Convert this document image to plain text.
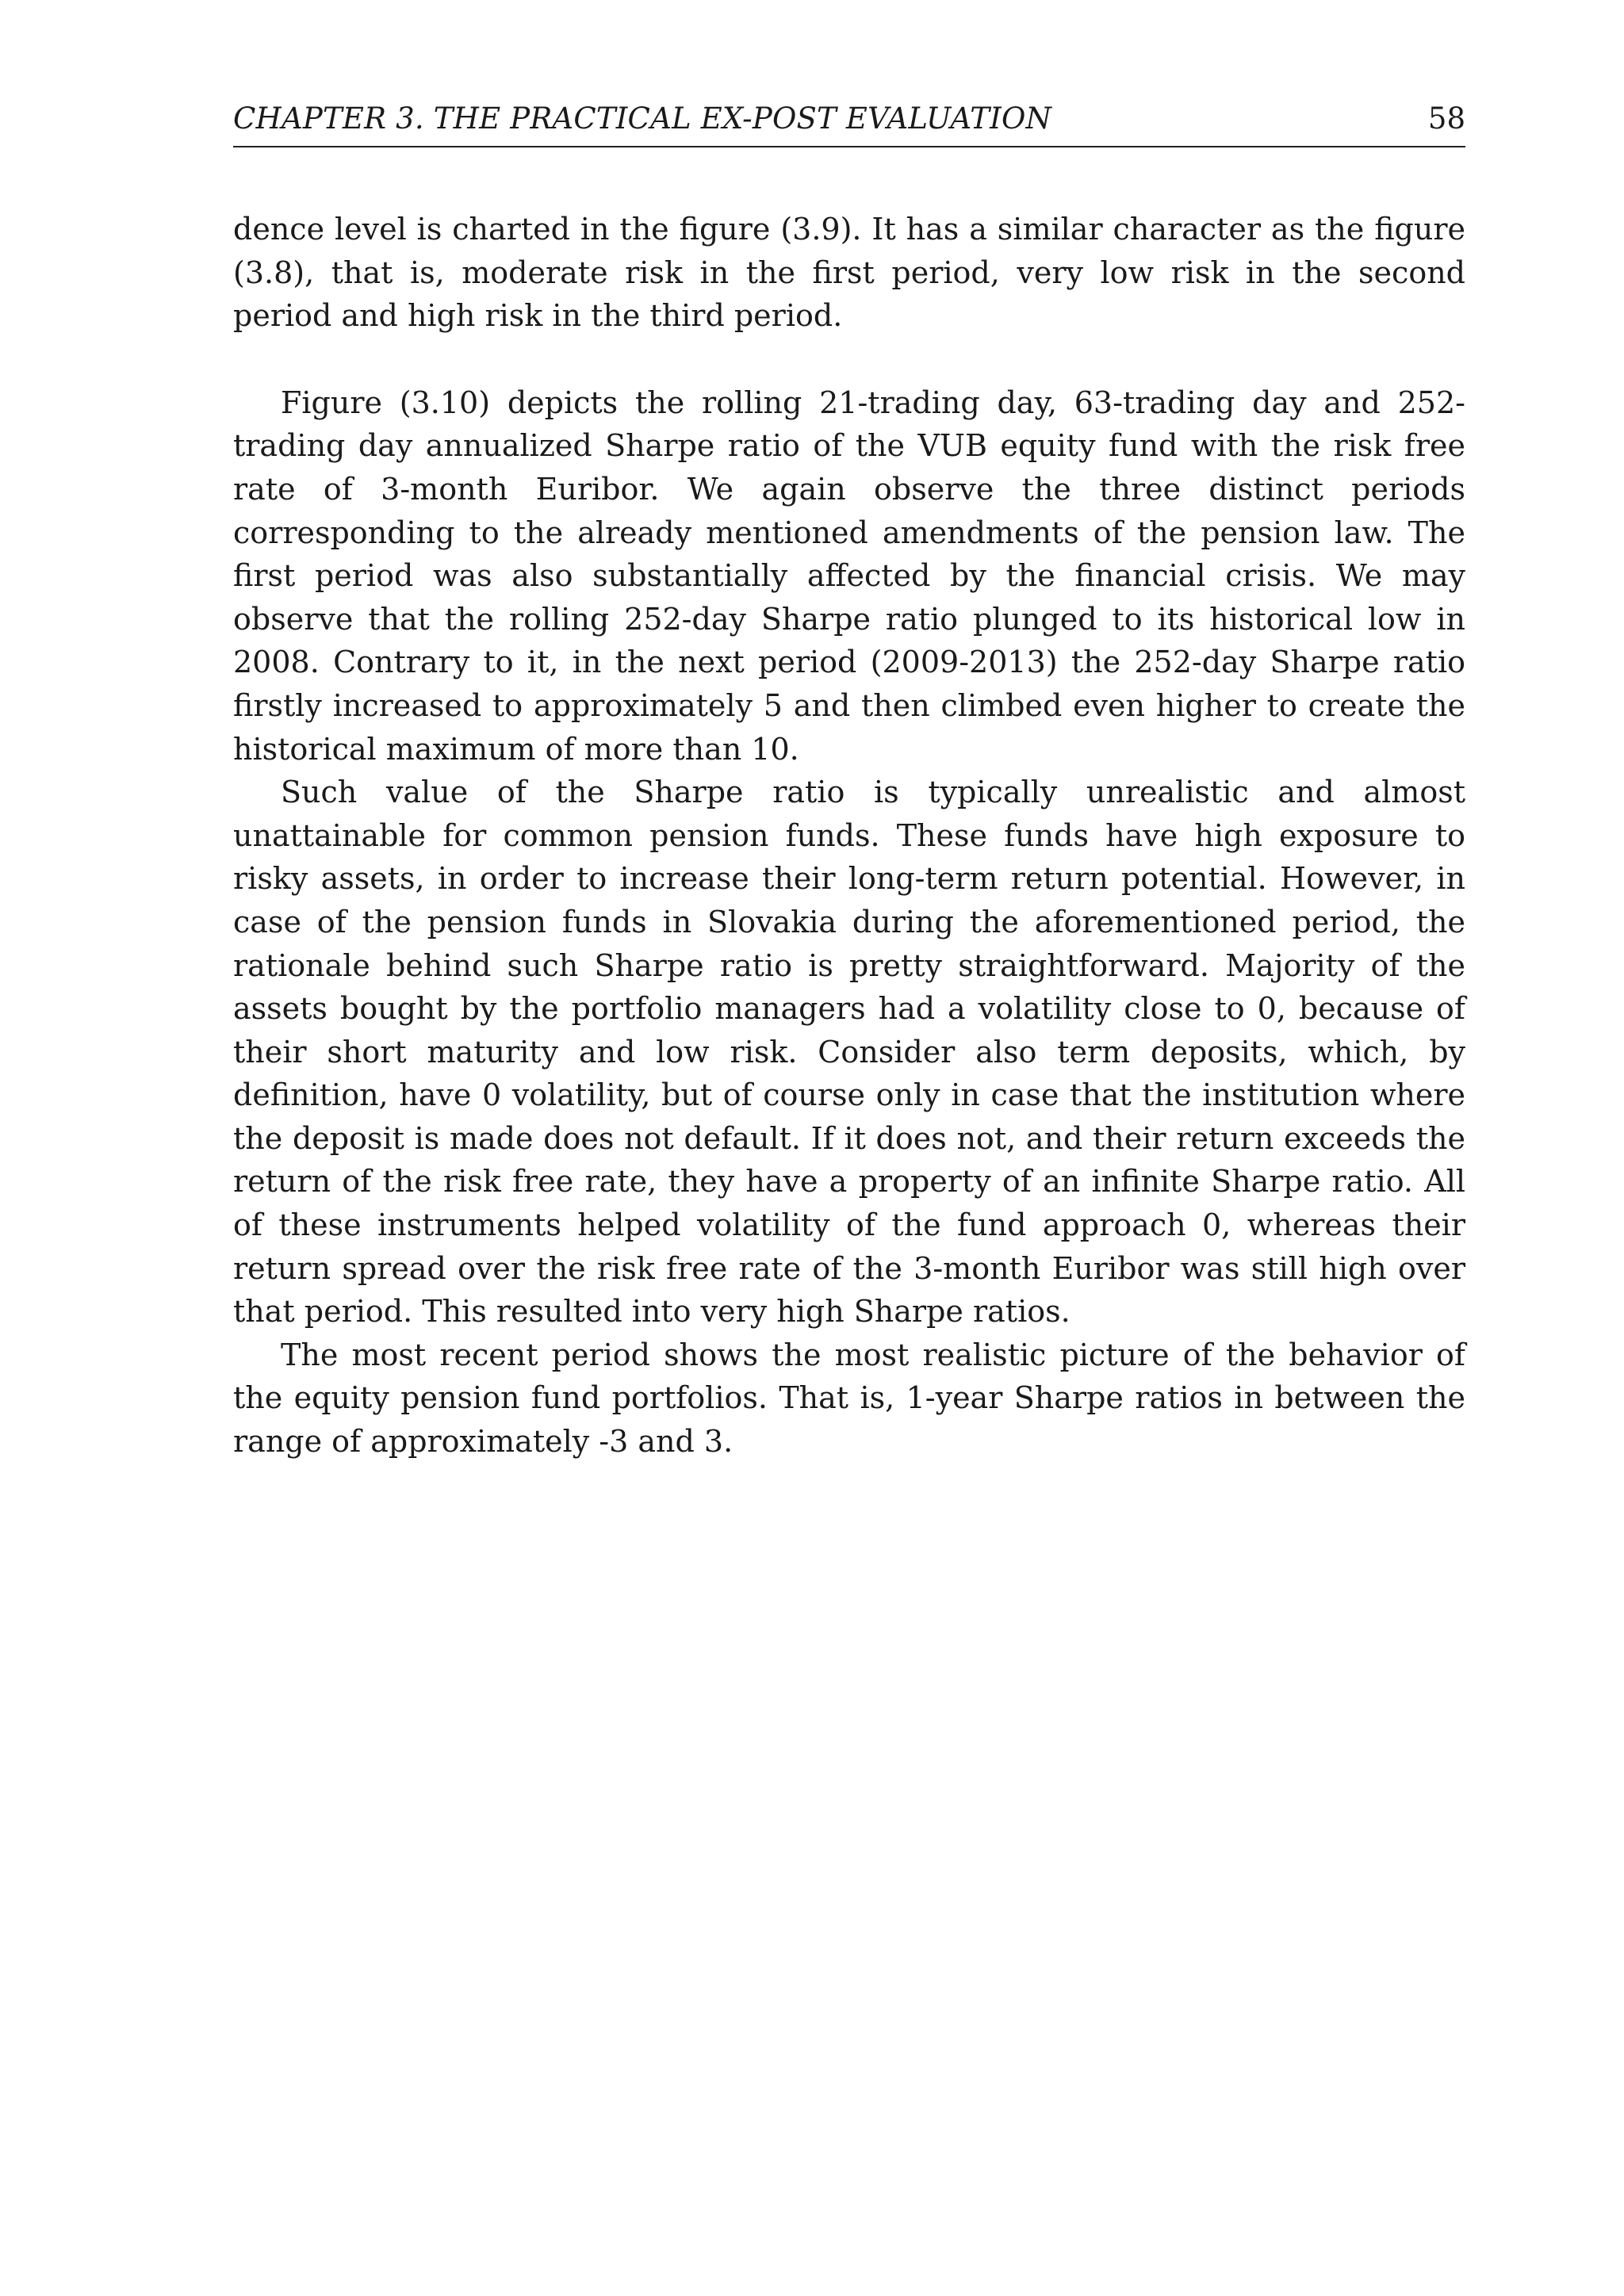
CHAPTER 3. THE PRACTICAL EX-POST EVALUATION	58

dence level is charted in the figure (3.9). It has a similar character as the figure (3.8), that is, moderate risk in the first period, very low risk in the second period and high risk in the third period.

Figure (3.10) depicts the rolling 21-trading day, 63-trading day and 252-trading day annualized Sharpe ratio of the VUB equity fund with the risk free rate of 3-month Euribor. We again observe the three distinct periods corresponding to the already mentioned amendments of the pension law. The first period was also substantially affected by the financial crisis. We may observe that the rolling 252-day Sharpe ratio plunged to its historical low in 2008. Contrary to it, in the next period (2009-2013) the 252-day Sharpe ratio firstly increased to approximately 5 and then climbed even higher to create the historical maximum of more than 10.

Such value of the Sharpe ratio is typically unrealistic and almost unattainable for common pension funds. These funds have high exposure to risky assets, in order to increase their long-term return potential. However, in case of the pension funds in Slovakia during the aforementioned period, the rationale behind such Sharpe ratio is pretty straightforward. Majority of the assets bought by the portfolio managers had a volatility close to 0, because of their short maturity and low risk. Consider also term deposits, which, by definition, have 0 volatility, but of course only in case that the institution where the deposit is made does not default. If it does not, and their return exceeds the return of the risk free rate, they have a property of an infinite Sharpe ratio. All of these instruments helped volatility of the fund approach 0, whereas their return spread over the risk free rate of the 3-month Euribor was still high over that period. This resulted into very high Sharpe ratios.

The most recent period shows the most realistic picture of the behavior of the equity pension fund portfolios. That is, 1-year Sharpe ratios in between the range of approximately -3 and 3.
